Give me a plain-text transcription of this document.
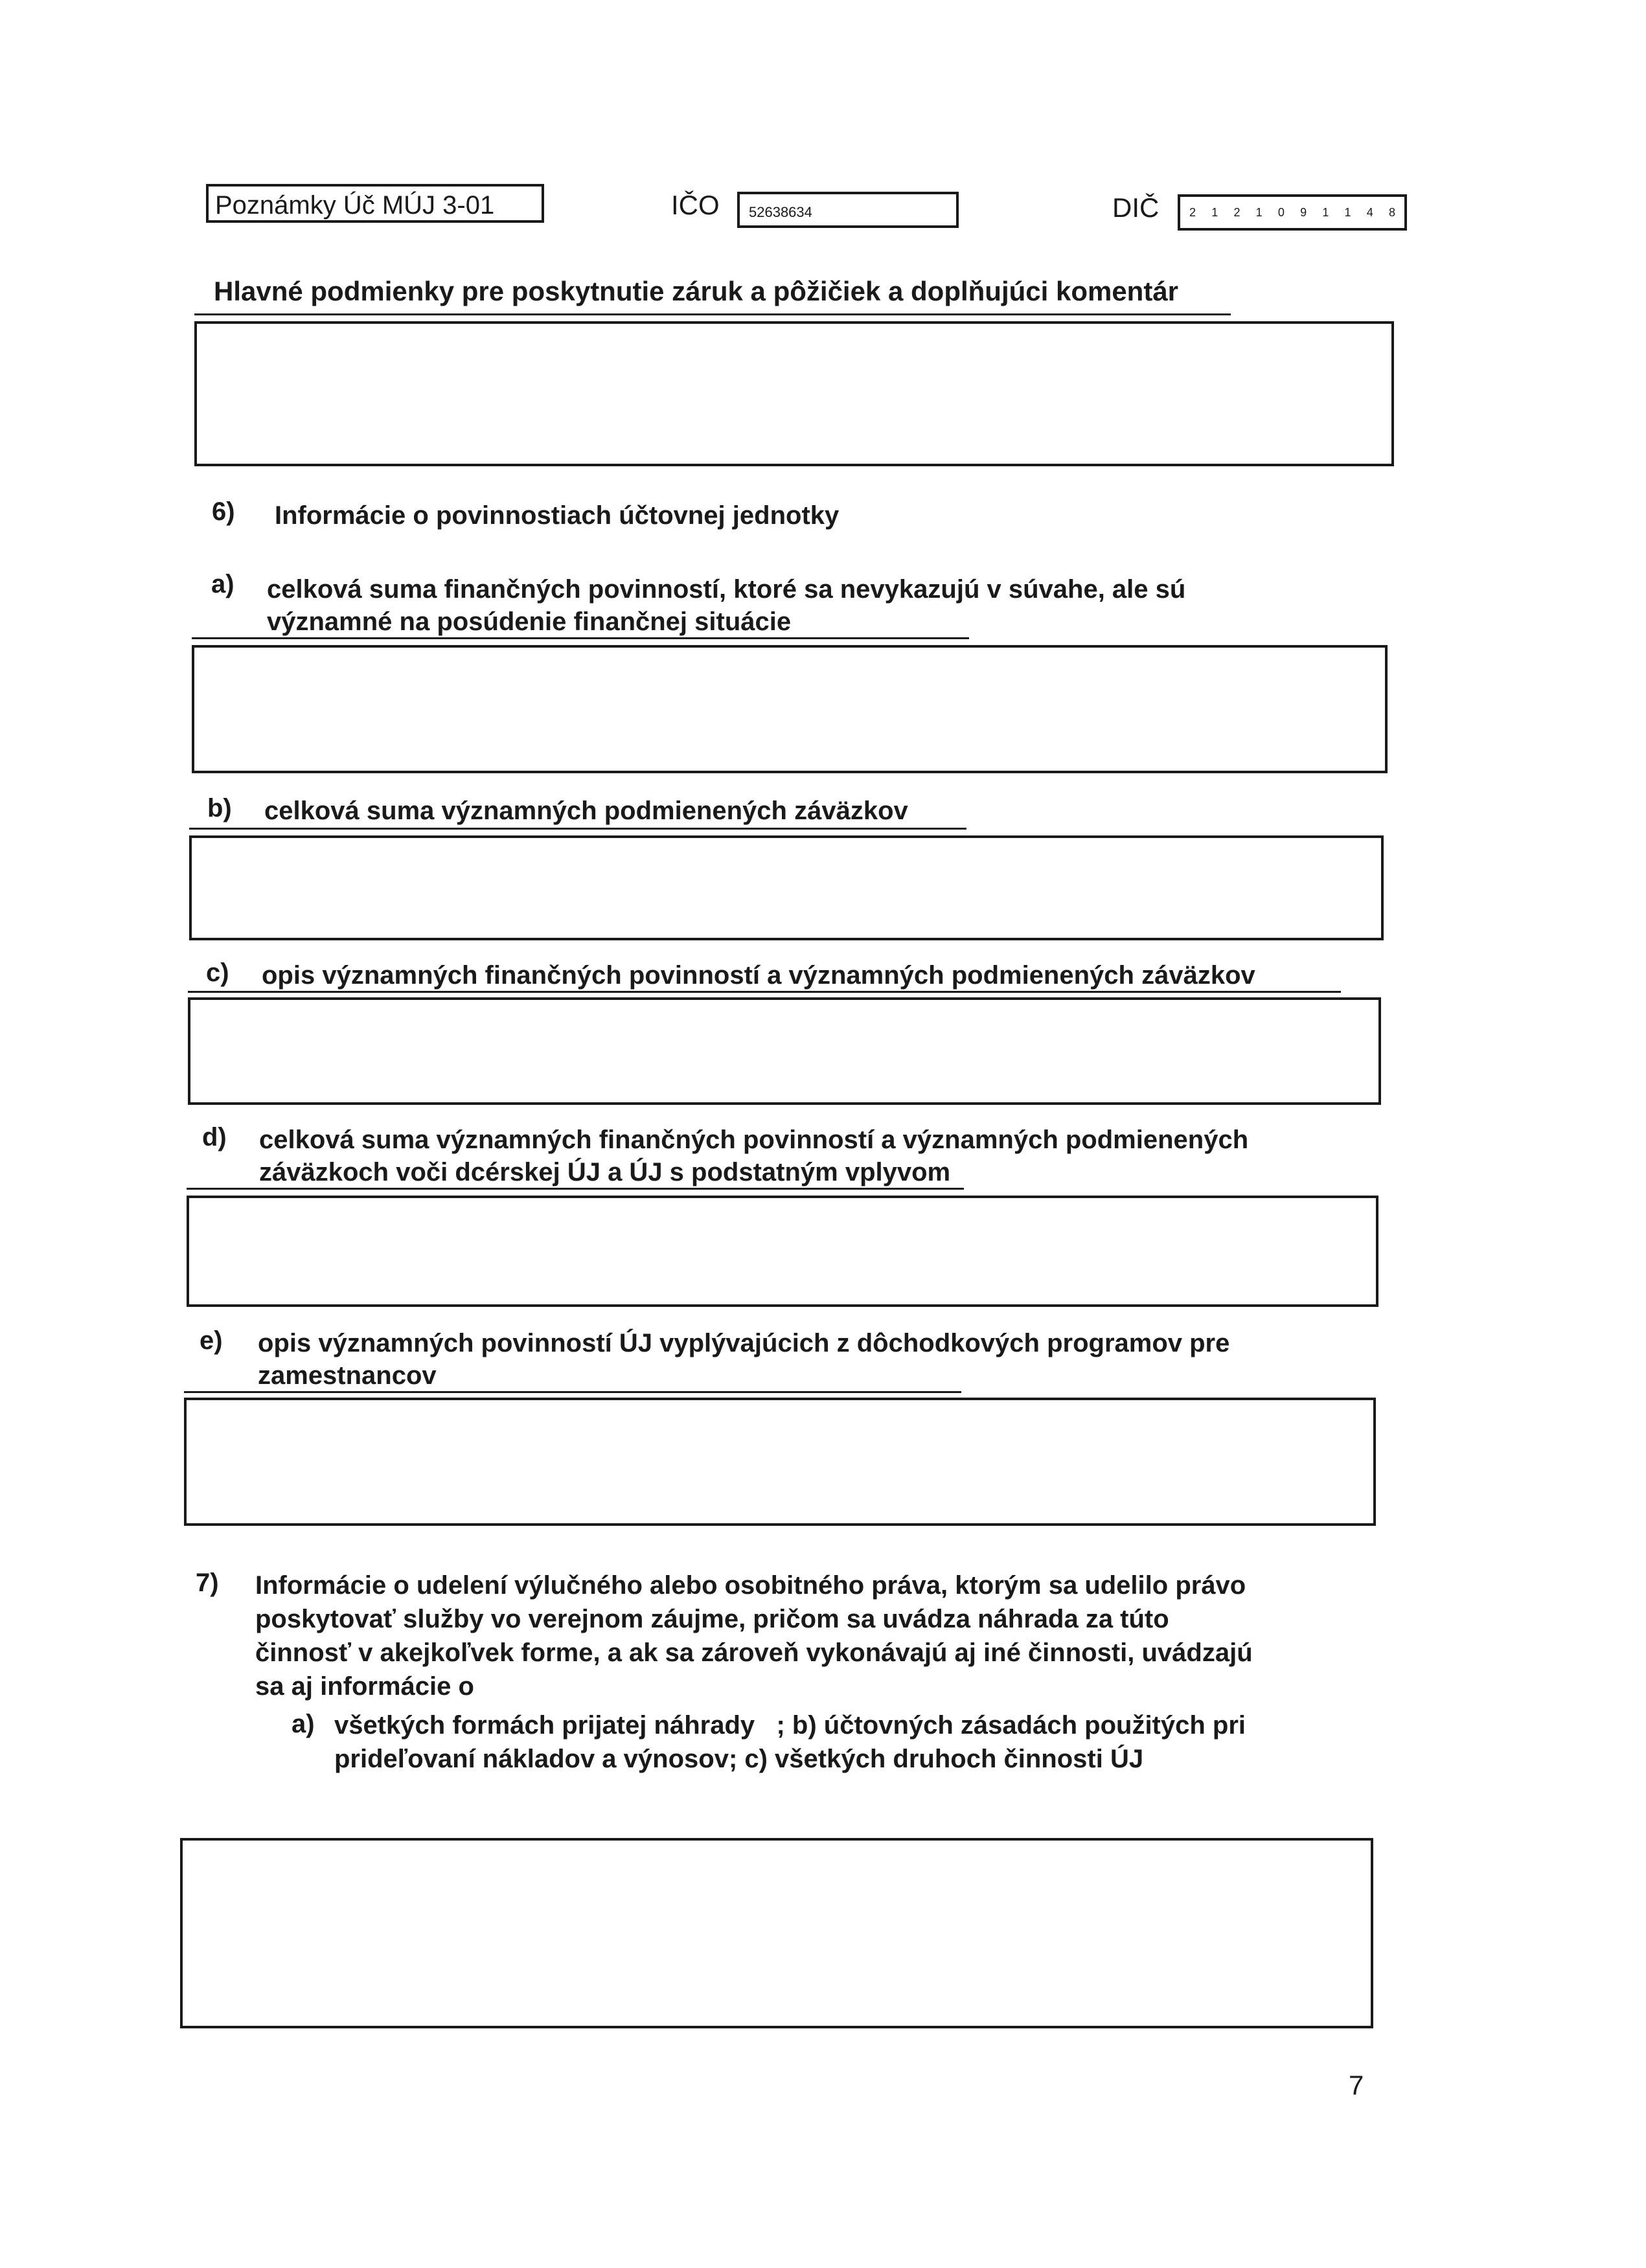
Poznámky Úč MÚJ 3-01	IČO 52638634	DIČ	2 1 2 1 0 9 1 1 4 8
Hlavné podmienky pre poskytnutie záruk a pôžičiek a doplňujúci komentár
6) Informácie o povinnostiach účtovnej jednotky
a) celková suma finančných povinností, ktoré sa nevykazujú v súvahe, ale sú
významné na posúdenie finančnej situácie
b) celková suma významných podmienených záväzkov
c) opis významných finančných povinností a významných podmienených záväzkov
d) celková suma významných finančných povinností a významných podmienených
záväzkoch voči dcérskej ÚJ a ÚJ s podstatným vplyvom
e) opis významných povinností ÚJ vyplývajúcich z dôchodkových programov pre
zamestnancov
7) Informácie o udelení výlučného alebo osobitného práva, ktorým sa udelilo právo
poskytovať služby vo verejnom záujme, pričom sa uvádza náhrada za túto
činnosť v akejkoľvek forme, a ak sa zároveň vykonávajú aj iné činnosti, uvádzajú
sa aj informácie o
a) všetkých formách prijatej náhrady   ; b) účtovných zásadách použitých pri
prideľovaní nákladov a výnosov; c) všetkých druhoch činnosti ÚJ
7
